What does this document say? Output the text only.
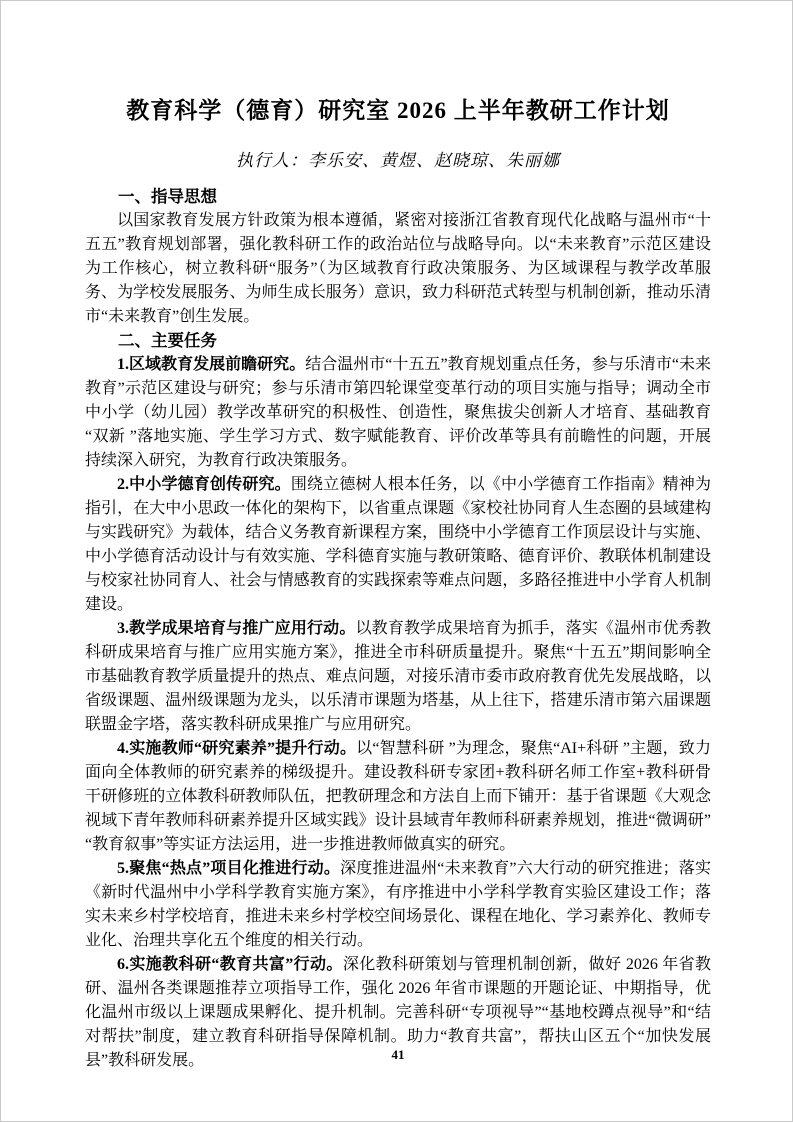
教育科学（德育）研究室 2026 上半年教研工作计划
执行人：李乐安、黄煜、赵晓琼、朱丽娜

一、指导思想

以国家教育发展方针政策为根本遵循，紧密对接浙江省教育现代化战略与温州市“十五五”教育规划部署，强化教科研工作的政治站位与战略导向。以“未来教育”示范区建设为工作核心，树立教科研“服务”（为区域教育行政决策服务、为区域课程与教学改革服务、为学校发展服务、为师生成长服务）意识，致力科研范式转型与机制创新，推动乐清市“未来教育”创生发展。

二、主要任务

1.区域教育发展前瞻研究。结合温州市“十五五”教育规划重点任务，参与乐清市“未来教育”示范区建设与研究；参与乐清市第四轮课堂变革行动的项目实施与指导；调动全市中小学（幼儿园）教学改革研究的积极性、创造性，聚焦拔尖创新人才培育、基础教育“双新 ”落地实施、学生学习方式、数字赋能教育、评价改革等具有前瞻性的问题，开展持续深入研究，为教育行政决策服务。

2.中小学德育创传研究。围绕立德树人根本任务，以《中小学德育工作指南》精神为指引，在大中小思政一体化的架构下，以省重点课题《家校社协同育人生态圈的县域建构与实践研究》为载体，结合义务教育新课程方案，围绕中小学德育工作顶层设计与实施、中小学德育活动设计与有效实施、学科德育实施与教研策略、德育评价、教联体机制建设与校家社协同育人、社会与情感教育的实践探索等难点问题，多路径推进中小学育人机制建设。

3.教学成果培育与推广应用行动。以教育教学成果培育为抓手，落实《温州市优秀教科研成果培育与推广应用实施方案》，推进全市科研质量提升。聚焦“十五五”期间影响全市基础教育教学质量提升的热点、难点问题，对接乐清市委市政府教育优先发展战略，以省级课题、温州级课题为龙头，以乐清市课题为塔基，从上往下，搭建乐清市第六届课题联盟金字塔，落实教科研成果推广与应用研究。

4.实施教师“研究素养”提升行动。以“智慧科研 ”为理念，聚焦“AI+科研 ”主题，致力面向全体教师的研究素养的梯级提升。建设教科研专家团+教科研名师工作室+教科研骨干研修班的立体教科研教师队伍，把教研理念和方法自上而下铺开：基于省课题《大观念视域下青年教师科研素养提升区域实践》设计县域青年教师科研素养规划，推进“微调研”“教育叙事”等实证方法运用，进一步推进教师做真实的研究。

5.聚焦“热点”项目化推进行动。深度推进温州“未来教育”六大行动的研究推进；落实《新时代温州中小学科学教育实施方案》，有序推进中小学科学教育实验区建设工作；落实未来乡村学校培育，推进未来乡村学校空间场景化、课程在地化、学习素养化、教师专业化、治理共享化五个维度的相关行动。

6.实施教科研“教育共富”行动。深化教科研策划与管理机制创新，做好 2026 年省教研、温州各类课题推荐立项指导工作，强化 2026 年省市课题的开题论证、中期指导，优化温州市级以上课题成果孵化、提升机制。完善科研“专项视导”“基地校蹲点视导”和“结对帮扶”制度，建立教育科研指导保障机制。助力“教育共富”，帮扶山区五个“加快发展县”教科研发展。	41
